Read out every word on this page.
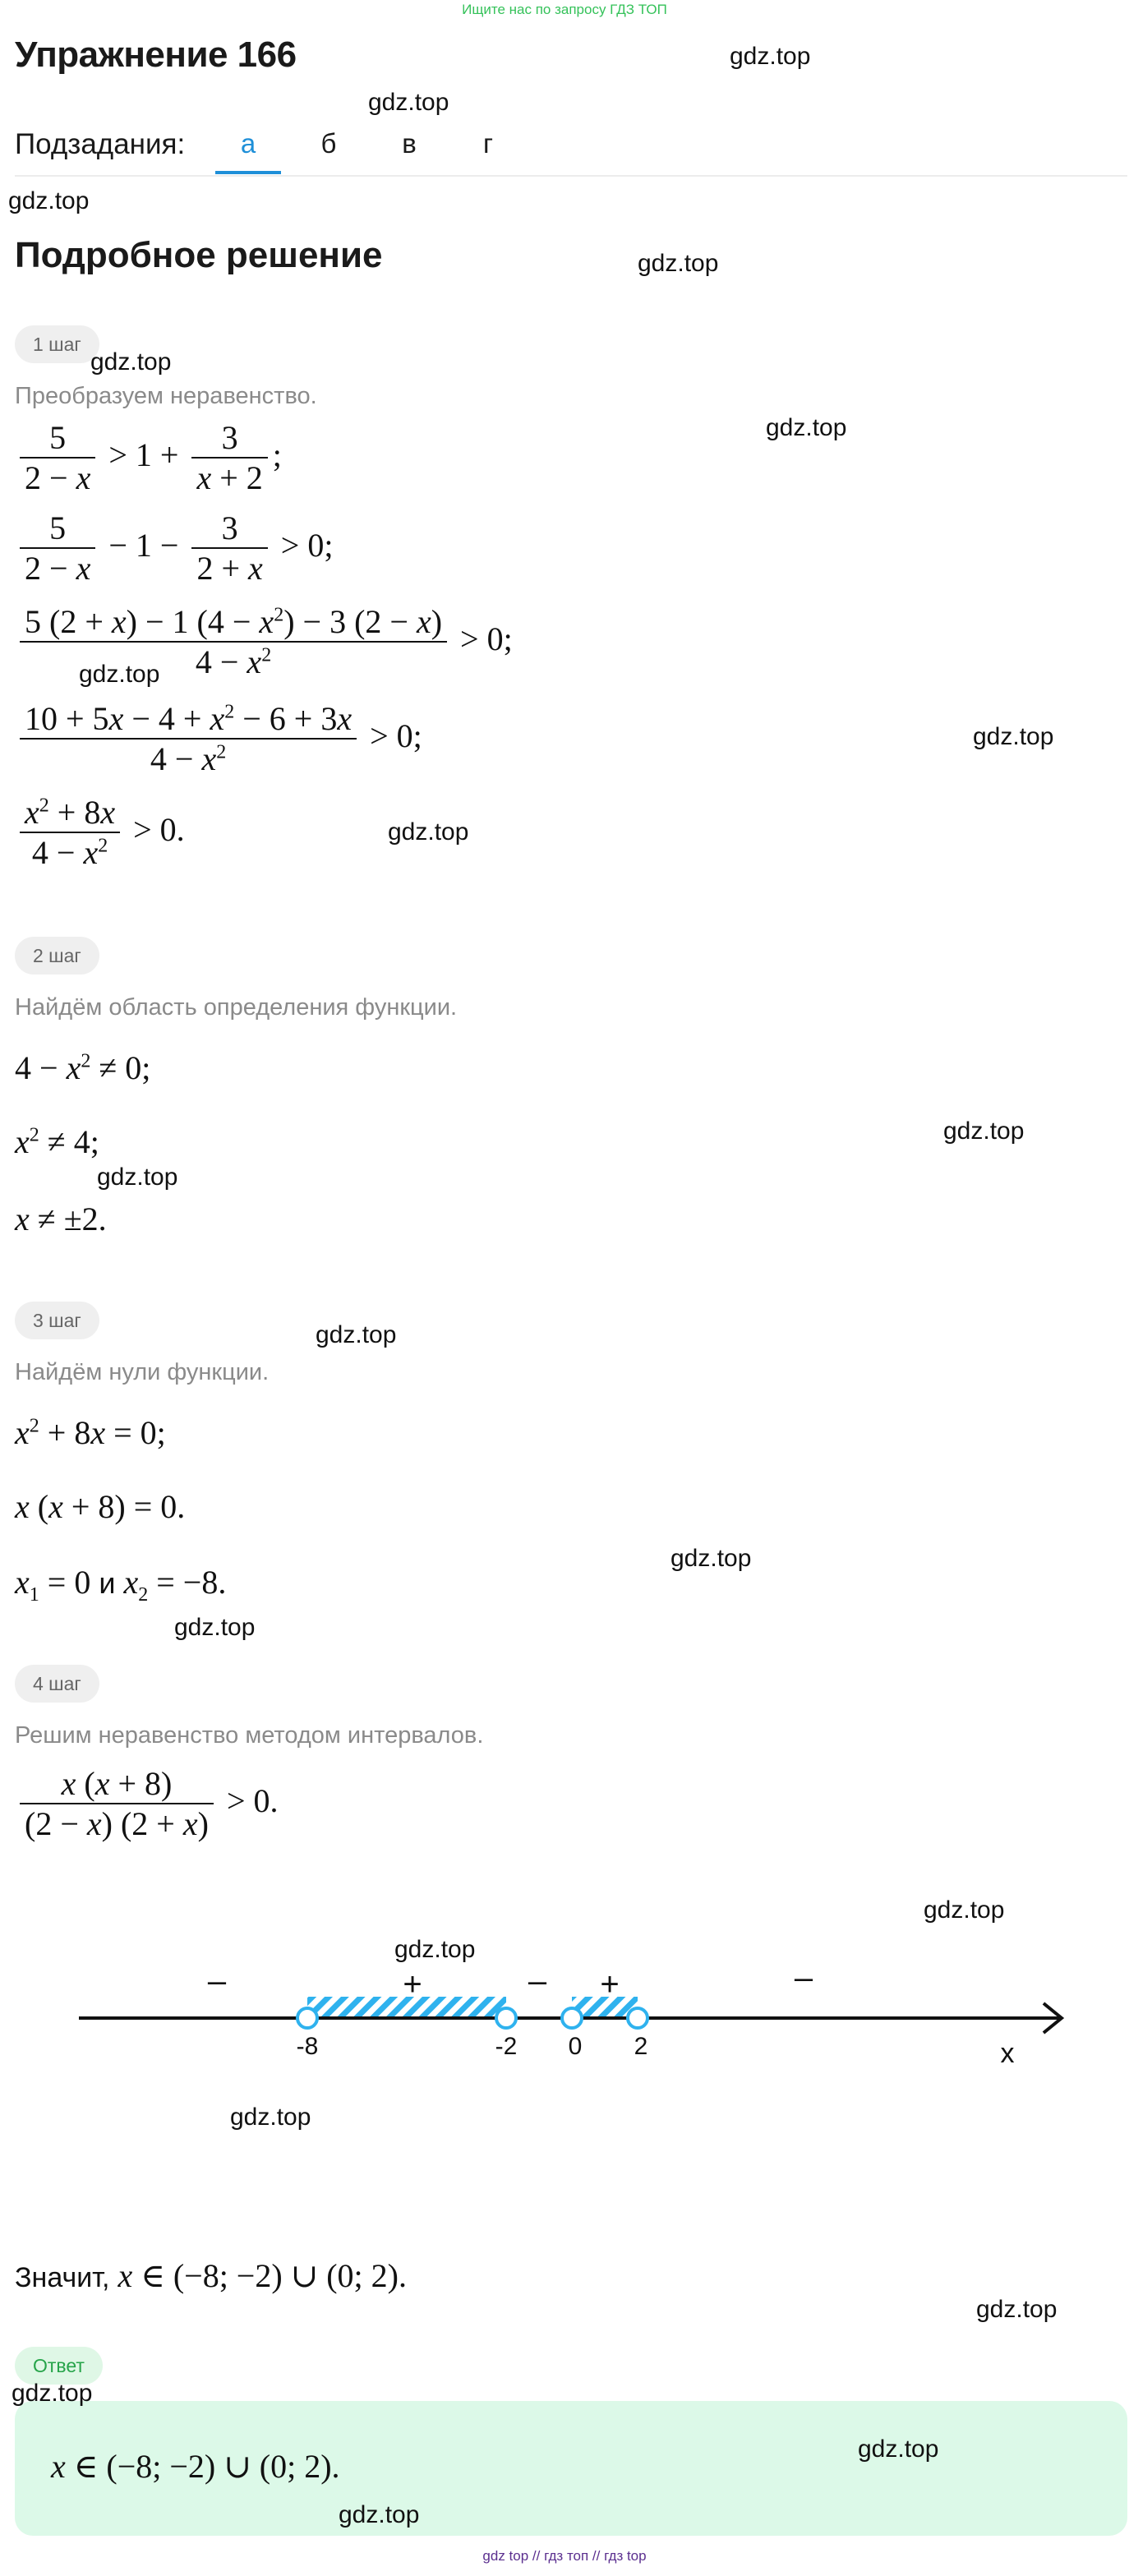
Ищите нас по запросу ГДЗ ТОП
Упражнение 166
Подзадания:	а	б	в	г
Подробное решение
1 шаг
Преобразуем неравенство.
$\frac{5}{2 - x} > 1 + \frac{3}{x + 2}$ ;
$\frac{5}{2 - x} - 1 - \frac{3}{2 + x} > 0$;
$\frac{5 (2 + x) - 1 (4 - x^2) - 3 (2 - x)}{4 - x^2} > 0$;
$\frac{10 + 5x - 4 + x^2 - 6 + 3x}{4 - x^2} > 0$;
$\frac{x^2 + 8x}{4 - x^2} > 0$.
2 шаг
Найдём область определения функции.
$4 - x^2 \ne 0$;
$x^2 \ne 4$;
x ≠ ±2.
3 шаг
Найдём нули функции.
$x^2 + 8x = 0$;
x (x + 8) = 0.
$x_1 = 0$ и $x_2 = -8$.
4 шаг
Решим неравенство методом интервалов.
$\frac{x (x + 8)}{(2 - x) (2 + x)} > 0$.
-8	-2 0 2	x
–	+	– +	–
Значит, x ∈ (−8; −2) ∪ (0; 2).
Ответ
x ∈ (−8; −2) ∪ (0; 2).
gdz.top
gdz.top
gdz.top
gdz.top
gdz.top
gdz.top
gdz.top
gdz.top
gdz.top
gdz.top
gdz.top
gdz.top
gdz.top
gdz.top
gdz.top
gdz.top
gdz.top
gdz.top
gdz.top
gdz.top
gdz.top
gdz top // гдз топ // гдз top
